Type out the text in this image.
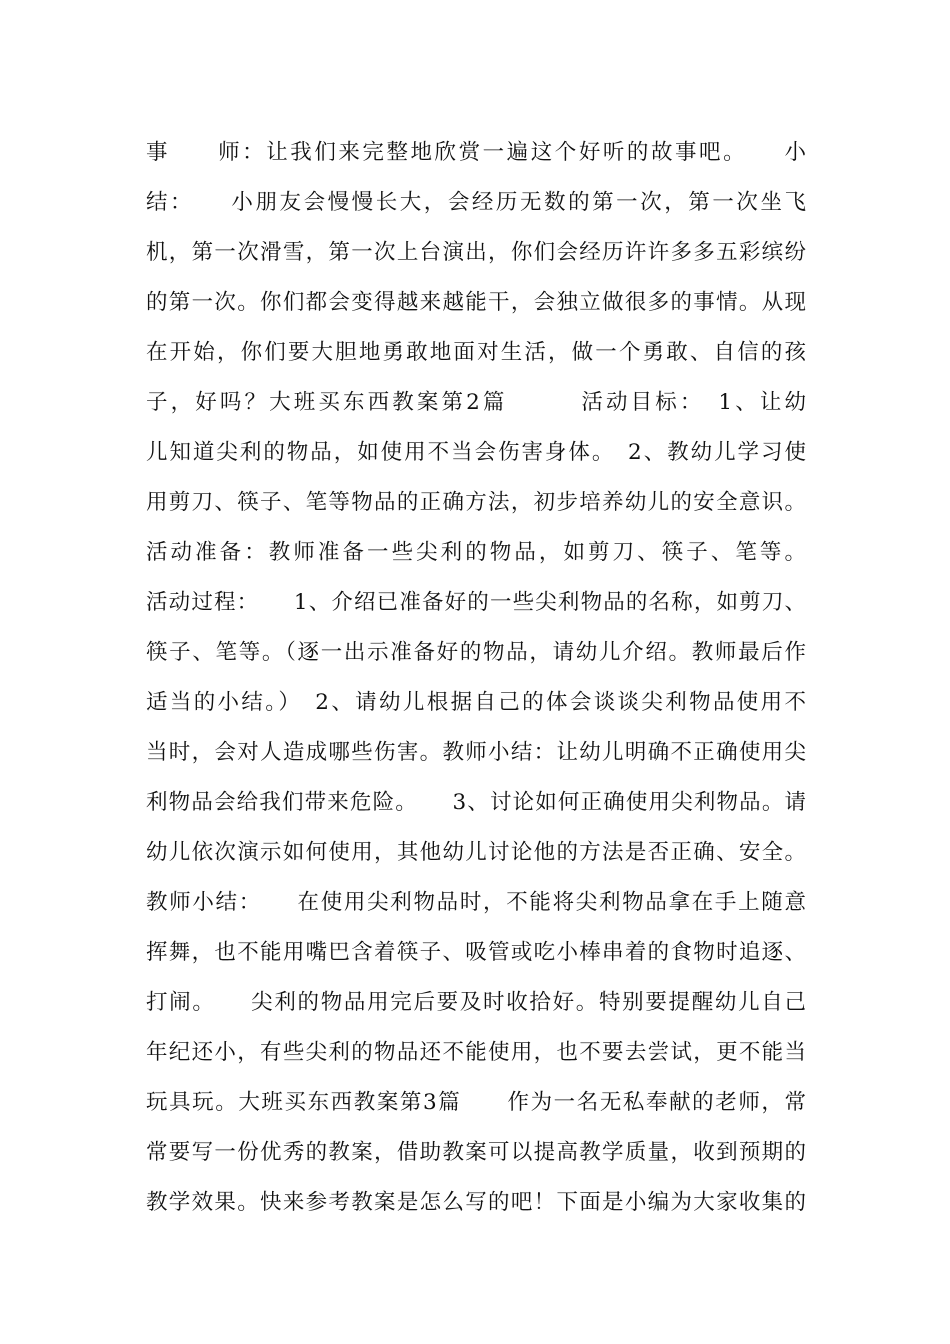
事　　师：让我们来完整地欣赏一遍这个好听的故事吧。　　小
结：　　小朋友会慢慢长大，会经历无数的第一次，第一次坐飞
机，第一次滑雪，第一次上台演出，你们会经历许许多多五彩缤纷
的第一次。你们都会变得越来越能干，会独立做很多的事情。从现
在开始，你们要大胆地勇敢地面对生活，做一个勇敢、自信的孩
子，好吗？大班买东西教案第2篇　　　活动目标：　1、让幼
儿知道尖利的物品，如使用不当会伤害身体。　2、教幼儿学习使
用剪刀、筷子、笔等物品的正确方法，初步培养幼儿的安全意识。
活动准备：教师准备一些尖利的物品，如剪刀、筷子、笔等。
活动过程：　　1、介绍已准备好的一些尖利物品的名称，如剪刀、
筷子、笔等。（逐一出示准备好的物品，请幼儿介绍。教师最后作
适当的小结。）　2、请幼儿根据自己的体会谈谈尖利物品使用不
当时，会对人造成哪些伤害。教师小结：让幼儿明确不正确使用尖
利物品会给我们带来危险。　　3、讨论如何正确使用尖利物品。请
幼儿依次演示如何使用，其他幼儿讨论他的方法是否正确、安全。
教师小结：　　在使用尖利物品时，不能将尖利物品拿在手上随意
挥舞，也不能用嘴巴含着筷子、吸管或吃小棒串着的食物时追逐、
打闹。　　尖利的物品用完后要及时收拾好。特别要提醒幼儿自己
年纪还小，有些尖利的物品还不能使用，也不要去尝试，更不能当
玩具玩。大班买东西教案第3篇　　作为一名无私奉献的老师，常
常要写一份优秀的教案，借助教案可以提高教学质量，收到预期的
教学效果。快来参考教案是怎么写的吧！下面是小编为大家收集的
